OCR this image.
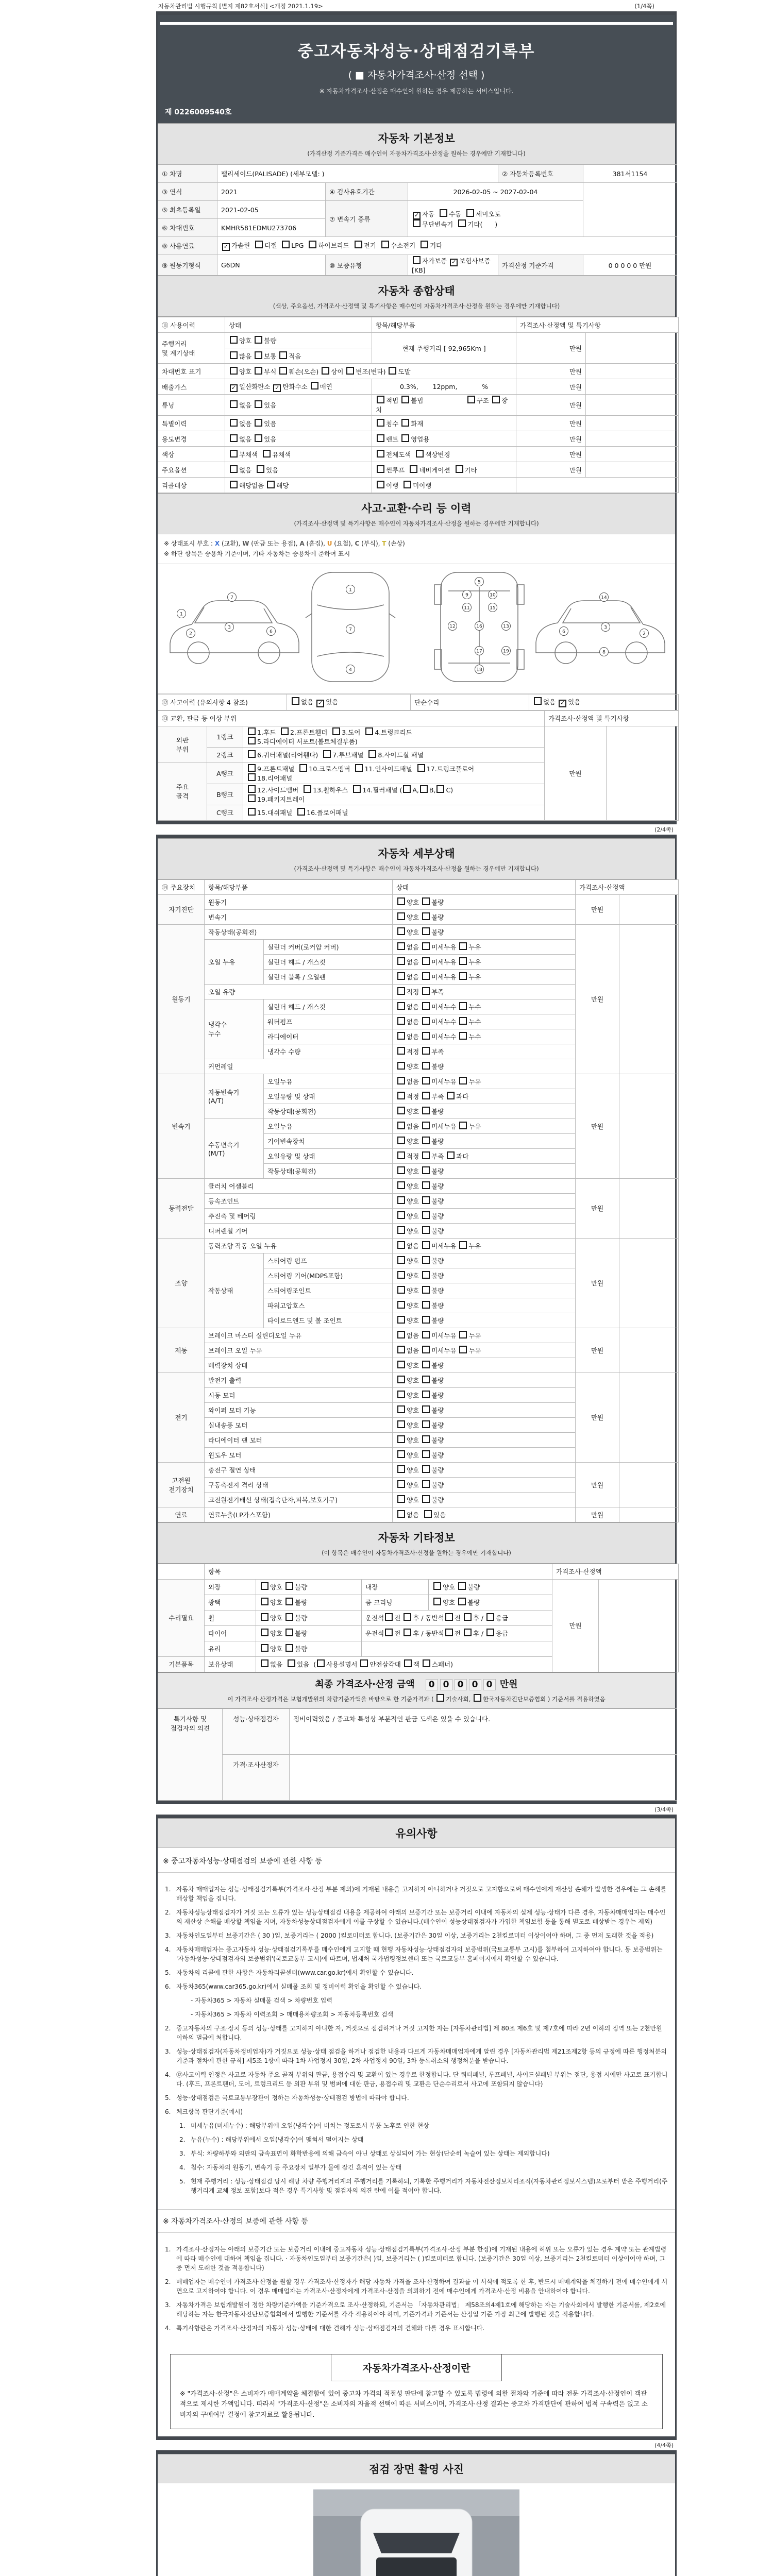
자동차관리법 시행규칙 [별지 제82호서식] <개정 2021.1.19>	(1/4쪽)
중고자동차성능·상태점검기록부
( ■ 자동차가격조사·산정 선택 )
※ 자동차가격조사·산정은 매수인이 원하는 경우 제공하는 서비스입니다.
제 0226009540호
자동차 기본정보
(가격산정 기준가격은 매수인이 자동차가격조사·산정을 원하는 경우에만 기재합니다)
① 차명	팰리세이드(PALISADE) (세부모델: )			② 자동차등록번호	381서1154
③ 연식	2021	④ 검사유효기간	2026-02-05 ~ 2027-02-04		
⑤ 최초등록일	2021-02-05	⑦ 변속기 종류	✓ 자동  수동  세미오토
무단변속기  기타(      )		
⑥ 차대번호	KMHR581EDMU273706				
⑧ 사용연료	✓ 가솔린  디젤  LPG  하이브리드  전기  수소전기  기타				
⑨ 원동기형식	G6DN	⑩ 보증유형	자가보증 ✓ 보험사보증 [KB]	가격산정 기준가격	0 0 0 0 0 만원
자동차 종합상태
(색상, 주요옵션, 가격조사·산정액 및 특기사항은 매수인이 자동차가격조사·산정을 원하는 경우에만 기재합니다)
⑪ 사용이력	상태	항목/해당부품	가격조사·산정액 및 특기사항	
주행거리
및 계기상태	양호 불량	현재 주행거리 [ 92,965Km ]	만원	
	많음 보통 적음			
차대번호 표기	양호 부식 훼손(오손) 상이 변조(변타) 도말		만원	
배출가스	✓ 일산화탄소 ✓ 탄화수소 매연	0.3%,       12ppm,            %	만원	
튜닝	없음 있음	적법 불법                     구조 장치	만원	
특별이력	없음 있음	침수 화재	만원	
용도변경	없음 있음	렌트 영업용	만원	
색상	무채색  유채색	전체도색  색상변경	만원	
주요옵션	없음  있음	썬루프  네비게이션  기타	만원	
리콜대상	해당없음 해당	이행  미이행		
사고·교환·수리 등 이력
(가격조사·산정액 및 특기사항은 매수인이 자동차가격조사·산정을 원하는 경우에만 기재합니다)
※ 상태표시 부호 : X (교환), W (판금 또는 용접), A (흠집), U (요철), C (부식), T (손상)
※ 하단 항목은 승용차 기준이며, 기타 자동차는 승용차에 준하여 표시
1
2
3
6
7
1
7
4
5
9	10
11	15
12	16	13
17	19
18
2
3
6
8
14
⑫ 사고이력 (유의사항 4 참조)	없음 ✓ 있음	단순수리	없음 ✓ 있음
⑬ 교환, 판금 등 이상 부위			가격조사·산정액 및 특기사항	
외판
부위	1랭크	1.후드  2.프론트휀더  3.도어  4.트렁크리드
5.라디에이터 서포트(볼트체결부품)	만원	
	2랭크	6.쿼터패널(리어휀다)  7.루브패널  8.사이드실 패널		
주요
골격	A랭크	9.프론트패널  10.크로스멤버  11.인사이드패널  17.트렁크플로어
18.리어패널		
	B랭크	12.사이드멤버  13.휠하우스  14.필러패널 ( A, B, C)
19.패키지트레이		
	C랭크	15.대쉬패널  16.플로어패널		
(2/4쪽)
자동차 세부상태
(가격조사·산정액 및 특기사항은 매수인이 자동차가격조사·산정을 원하는 경우에만 기재합니다)
⑭ 주요장치	항목/해당부품		상태	가격조사·산정액	
자기진단	원동기		양호 불량	만원	
	변속기		양호 불량		
원동기	작동상태(공회전)		양호 불량	만원	
	오일 누유	실린더 커버(로커암 커버)	없음 미세누유 누유		
		실린더 헤드 / 개스킷	없음 미세누유 누유		
		실린더 블록 / 오일팬	없음 미세누유 누유		
	오일 유량		적정 부족		
	냉각수
누수	실린더 헤드 / 개스킷	없음 미세누수 누수		
		워터펌프	없음 미세누수 누수		
		라디에이터	없음 미세누수 누수		
		냉각수 수량	적정 부족		
	커먼레일		양호 불량		
변속기	자동변속기
(A/T)	오일누유	없음 미세누유 누유	만원	
		오일유량 및 상태	적정 부족 과다		
		작동상태(공회전)	양호 불량		
	수동변속기
(M/T)	오일누유	없음 미세누유 누유		
		기어변속장치	양호 불량		
		오일유량 및 상태	적정 부족 과다		
		작동상태(공회전)	양호 불량		
동력전달	클러치 어셈블리		양호 불량	만원	
	등속조인트		양호 불량		
	추진축 및 베어링		양호 불량		
	디퍼렌셜 기어		양호 불량		
조향	동력조향 작동 오일 누유		없음 미세누유 누유	만원	
	작동상태	스티어링 펌프	양호 불량		
		스티어링 기어(MDPS포함)	양호 불량		
		스티어링조인트	양호 불량		
		파워고압호스	양호 불량		
		타이로드엔드 및 볼 조인트	양호 불량		
제동	브레이크 마스터 실린더오일 누유		없음 미세누유 누유	만원	
	브레이크 오일 누유		없음 미세누유 누유		
	배력장치 상태		양호 불량		
전기	발전기 출력		양호 불량	만원	
	시동 모터		양호 불량		
	와이퍼 모터 기능		양호 불량		
	실내송풍 모터		양호 불량		
	라디에이터 팬 모터		양호 불량		
	윈도우 모터		양호 불량		
고전원
전기장치	충전구 절연 상태		양호 불량	만원	
	구동축전지 격리 상태		양호 불량		
	고전원전기배선 상태(접속단자,피복,보호기구)		양호 불량		
연료	연료누출(LP가스포함)		없음  있음	만원	
자동차 기타정보
(이 항목은 매수인이 자동차가격조사·산정을 원하는 경우에만 기재합니다)
	항목				가격조사·산정액	
수리필요	외장	양호 불량	내장	양호 불량	만원	
	광택	양호 불량	룸 크리닝	양호 불량		
	휠	양호 불량	운전석 전 후 / 동반석 전 후 / 응급			
	타이어	양호 불량	운전석 전 후 / 동반석 전 후 / 응급			
	유리	양호 불량				
기본품목	보유상태	없음  있음  ( 사용설명서 안전삼각대 잭 스패너)				
최종 가격조사·산정 금액 0 0 0 0 0 만원
이 가격조사·산정가격은 보험개발원의 차량기준가액을 바탕으로 한 기준가격과 ( 기술사회, 한국자동차진단보증협회 ) 기준서를 적용하였음
특기사항 및
점검자의 의견	성능·상태점검자	정비이력있음 / 중고차 특성상 부분적인 판금 도색은 있을 수 있습니다.
	가격·조사산정자	
(3/4쪽)
유의사항
※ 중고자동차성능·상태점검의 보증에 관한 사항 등
1. 자동차 매매업자는 성능·상태점검기록부(가격조사·산정 부분 제외)에 기재된 내용을 고지하지 아니하거나 거짓으로 고지함으로써 매수인에게 재산상 손해가 발생한 경우에는 그 손해를 배상할 책임을 집니다.
2. 자동차성능상태점검자가 거짓 또는 오류가 있는 성능상태점검 내용을 제공하여 아래의 보증기간 또는 보증거리 이내에 자동차의 실제 성능·상태가 다른 경우, 자동차매매업자는 매수인의 재산상 손해를 배상할 책임을 지며, 자동차성능상태점검자에게 이를 구상할 수 있습니다.(매수인이 성능상태점검자가 가입한 책임보험 등을 통해 별도로 배상받는 경우는 제외)
3. 자동차인도일부터 보증기간은 ( 30 )일, 보증거리는 ( 2000 )킬로미터로 합니다. (보증기간은 30일 이상, 보증거리는 2천킬로미터 이상이어야 하며, 그 중 먼저 도래한 것을 적용)
4. 자동차매매업자는 중고자동차 성능·상태점검기록부를 매수인에게 고지할 때 현행 자동차성능·상태점검자의 보증범위(국토교통부 고시)를 첨부하여 고지하여야 합니다. 동 보증범위는 '자동차성능·상태점검자의 보증범위'(국토교통부 고시)에 따르며, 법제처 국가법령정보센터 또는 국토교통부 홈페이지에서 확인할 수 있습니다.
5. 자동차의 리콜에 관한 사항은 자동차리콜센터(www.car.go.kr)에서 확인할 수 있습니다.
6. 자동차365(www.car365.go.kr)에서 실매물 조회 및 정비이력 확인을 확인할 수 있습니다.
- 자동차365 > 자동차 실매물 검색 > 차량번호 입력
- 자동차365 > 자동차 이력조회 > 매매용차량조회 > 자동차등록번호 검색
2. 중고자동차의 구조·장치 등의 성능·상태를 고지하지 아니한 자, 거짓으로 점검하거나 거짓 고지한 자는 [자동차관리법] 제 80조 제6호 및 제7호에 따라 2년 이하의 징역 또는 2천만원 이하의 벌금에 처합니다.
3. 성능·상태점검자(자동차정비업자)가 거짓으로 성능·상태 점검을 하거나 점검한 내용과 다르게 자동차매매업자에게 알린 경우 [자동차관리법 제21조제2항 등의 규정에 따른 행정처분의 기준과 절차에 관한 규칙] 제5조 1항에 따라 1차 사업정지 30일, 2차 사업정지 90일, 3차 등록취소의 행정처분을 받습니다.
4. ⑫사고이력 인정은 사고로 자동차 주요 골격 부위의 판금, 용접수리 및 교환이 있는 경우로 한정합니다. 단 쿼터패널, 루프패널, 사이드실패널 부위는 절단, 용접 시에만 사고로 표기합니다. (후드, 프론트펜더, 도어, 트렁크리드 등 외판 부위 및 범퍼에 대한 판금, 용접수리 및 교환은 단순수리로서 사고에 포함되지 않습니다)
5. 성능·상태점검은 국토교통부장관이 정하는 자동차성능·상태점검 방법에 따라야 합니다.
6. 체크항목 판단기준(예시)
1. 미세누유(미세누수) : 해당부위에 오일(냉각수)이 비치는 정도로서 부품 노후로 인한 현상
2. 누유(누수) : 해당부위에서 오일(냉각수)이 맺혀서 떨어지는 상태
3. 부식: 차량하부와 외판의 금속표면이 화학반응에 의해 금속이 아닌 상태로 상실되어 가는 현상(단순히 녹슬어 있는 상태는 제외합니다)
4. 침수: 자동차의 원동기, 변속기 등 주요장치 일부가 물에 잠긴 흔적이 있는 상태
5. 현재 주행거리 : 성능·상태점검 당시 해당 차량 주행거리계의 주행거리를 기록하되, 기록한 주행거리가 자동차전산정보처리조직(자동차관리정보시스템)으로부터 받은 주행거리(주행거리계 교체 정보 포함)보다 적은 경우 특기사항 및 점검자의 의견 란에 이를 적어야 합니다.
※ 자동차가격조사·산정의 보증에 관한 사항 등
1. 가격조사·산정자는 아래의 보증기간 또는 보증거리 이내에 중고자동차 성능·상태점검기록부(가격조사·산정 부분 한정)에 기재된 내용에 허위 또는 오류가 있는 경우 계약 또는 관계법령에 따라 매수인에 대하여 책임을 집니다. · 자동차인도일부터 보증기간은( )일, 보증거리는 ( )킬로미터로 합니다. (보증기간은 30일 이상, 보증거리는 2천킬로미터 이상이어야 하며, 그 중 먼저 도래한 것을 적용합니다)
2. 매매업자는 매수인이 가격조사·산정을 원할 경우 가격조사·산정자가 해당 자동차 가격을 조사·산정하여 결과를 이 서식에 적도록 한 후, 반드시 매매계약을 체결하기 전에 매수인에게 서면으로 고지하여야 합니다. 이 경우 매매업자는 가격조사·산정자에게 가격조사·산정을 의뢰하기 전에 매수인에게 가격조사·산정 비용을 안내하여야 합니다.
3. 자동차가격은 보험개발원이 정한 차량기준가액을 기준가격으로 조사·산정하되, 기준서는 「자동차관리법」 제58조의4제1호에 해당하는 자는 기술사회에서 발행한 기준서를, 제2호에 해당하는 자는 한국자동차진단보증협회에서 발행한 기준서를 각각 적용하여야 하며, 기준가격과 기준서는 산정일 기준 가장 최근에 발행된 것을 적용합니다.
4. 특기사항란은 가격조사·산정자의 자동차 성능·상태에 대한 견해가 성능·상태점검자의 견해와 다를 경우 표시합니다.
자동차가격조사·산정이란
※ "가격조사·산정"은 소비자가 매매계약을 체결함에 있어 중고차 가격의 적절성 판단에 참고할 수 있도록 법령에 의한 절차와 기준에 따라 전문 가격조사·산정인이 객관적으로 제시한 가액입니다. 따라서 "가격조사·산정"은 소비자의 자율적 선택에 따른 서비스이며, 가격조사·산정 결과는 중고차 가격판단에 관하여 법적 구속력은 없고 소비자의 구매여부 결정에 참고자료로 활용됩니다.
(4/4쪽)
점검 장면 촬영 사진
